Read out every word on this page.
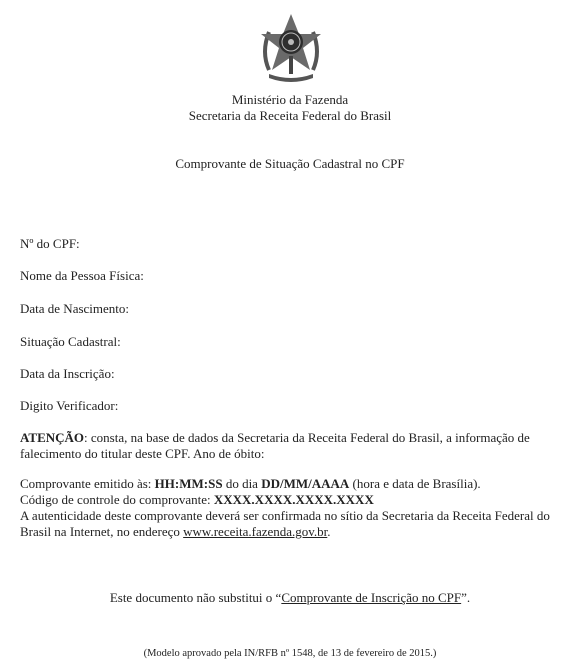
Ministério da Fazenda
Secretaria da Receita Federal do Brasil
Comprovante de Situação Cadastral no CPF
Nº do CPF:
Nome da Pessoa Física:
Data de Nascimento:
Situação Cadastral:
Data da Inscrição:
Digito Verificador:
ATENÇÃO: consta, na base de dados da Secretaria da Receita Federal do Brasil, a informação de falecimento do titular deste CPF. Ano de óbito:
Comprovante emitido às: HH:MM:SS do dia DD/MM/AAAA (hora e data de Brasília).
Código de controle do comprovante: XXXX.XXXX.XXXX.XXXX
A autenticidade deste comprovante deverá ser confirmada no sítio da Secretaria da Receita Federal do Brasil na Internet, no endereço www.receita.fazenda.gov.br.
Este documento não substitui o “Comprovante de Inscrição no CPF”.
(Modelo aprovado pela IN/RFB nº 1548, de 13 de fevereiro de 2015.)
